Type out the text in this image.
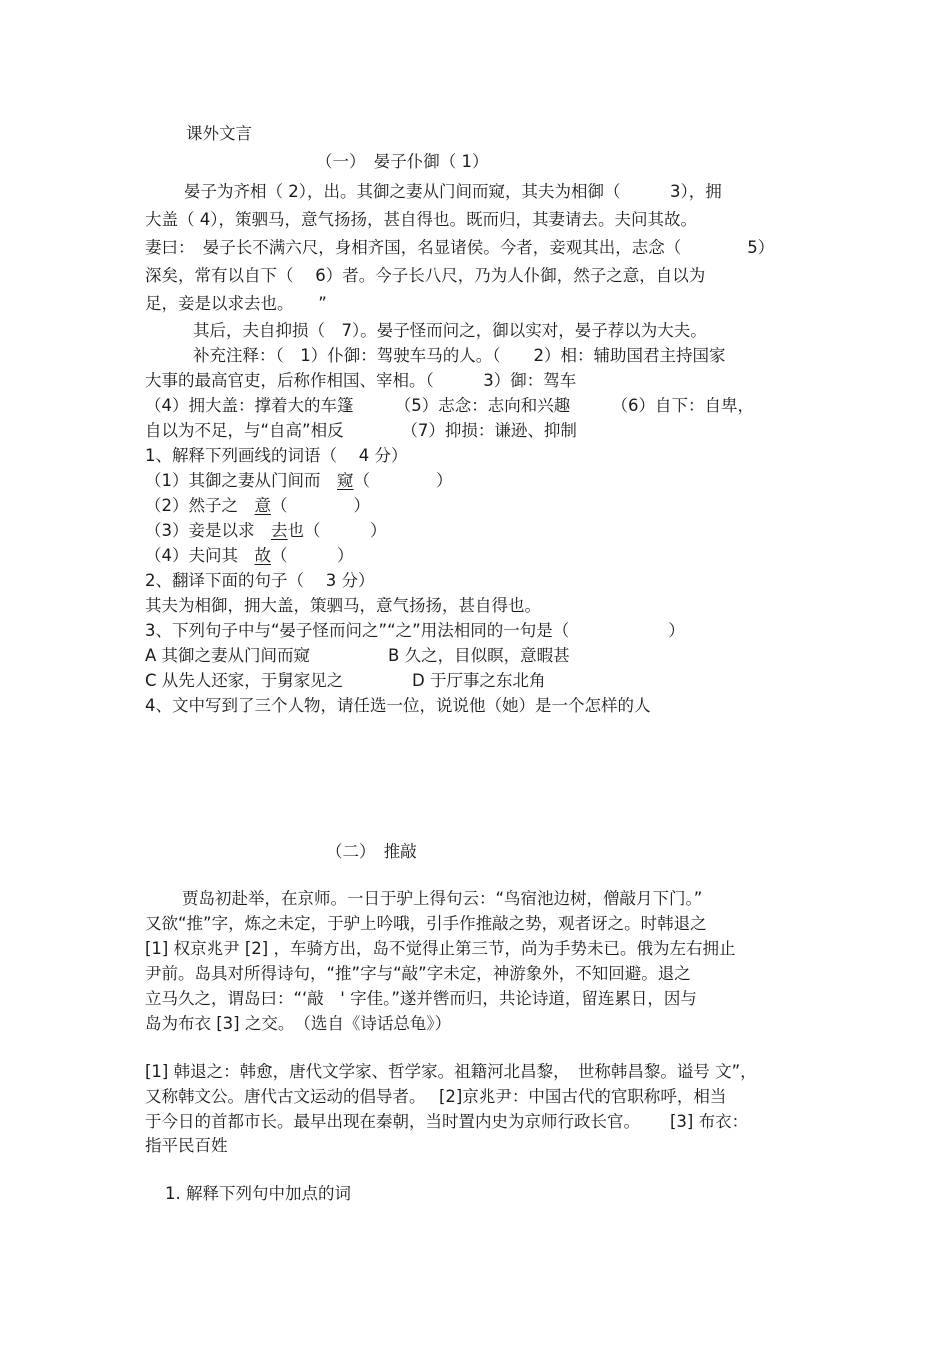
课外文言
（一）　晏子仆御（ 1）
晏子为齐相（ 2），出。其御之妻从门间而窥，其夫为相御（　　　3），拥
大盖（ 4），策驷马，意气扬扬，甚自得也。既而归，其妻请去。夫问其故。
妻曰：　晏子长不满六尺，身相齐国，名显诸侯。今者，妾观其出，志念（　　　　5）
深矣，常有以自下（　 6）者。今子长八尺，乃为人仆御，然子之意，自以为
足，妾是以求去也。　　”
其后，夫自抑损（　7）。晏子怪而问之，御以实对，晏子荐以为大夫。
补充注释：（　1）仆御：驾驶车马的人。（　　2）相：辅助国君主持国家
大事的最高官吏，后称作相国、宰相。（　　　3）御：驾车
（4）拥大盖：撑着大的车篷　　　（5）志念：志向和兴趣　　　（6）自下：自卑，
自以为不足，与“自高”相反　　　　（7）抑损：谦逊、抑制
1、解释下列画线的词语（　 4 分）
（1）其御之妻从门间而　窥（　　　　）
（2）然子之　意（　　　　）
（3）妾是以求　去也（　　　）
（4）夫问其　故（　　　）
2、翻译下面的句子（　 3 分）
其夫为相御，拥大盖，策驷马，意气扬扬，甚自得也。
3、下列句子中与“晏子怪而问之”“之”用法相同的一句是（　　　　　　）
A 其御之妻从门间而窥	B 久之，目似瞑，意暇甚
C 从先人还家，于舅家见之	D 于厅事之东北角
4、文中写到了三个人物，请任选一位，说说他（她）是一个怎样的人
（二）　推敲
贾岛初赴举，在京师。一日于驴上得句云：“鸟宿池边树，僧敲月下门。”
又欲“推”字，炼之未定，于驴上吟哦，引手作推敲之势，观者讶之。时韩退之
[1] 权京兆尹 [2] ，车骑方出，岛不觉得止第三节，尚为手势未已。俄为左右拥止
尹前。岛具对所得诗句，“推”字与“敲”字未定，神游象外，不知回避。退之
立马久之，谓岛曰：“‘敲　' 字佳。”遂并辔而归，共论诗道，留连累日，因与
岛为布衣 [3] 之交。　（选自《诗话总龟》）
[1] 韩退之：韩愈，唐代文学家、哲学家。祖籍河北昌黎，　世称韩昌黎。谥号 文”，
又称韩文公。唐代古文运动的倡导者。　 [2]京兆尹：中国古代的官职称呼，相当
于今日的首都市长。最早出现在秦朝，当时置内史为京师行政长官。　　 [3] 布衣：
指平民百姓
1. 解释下列句中加点的词
